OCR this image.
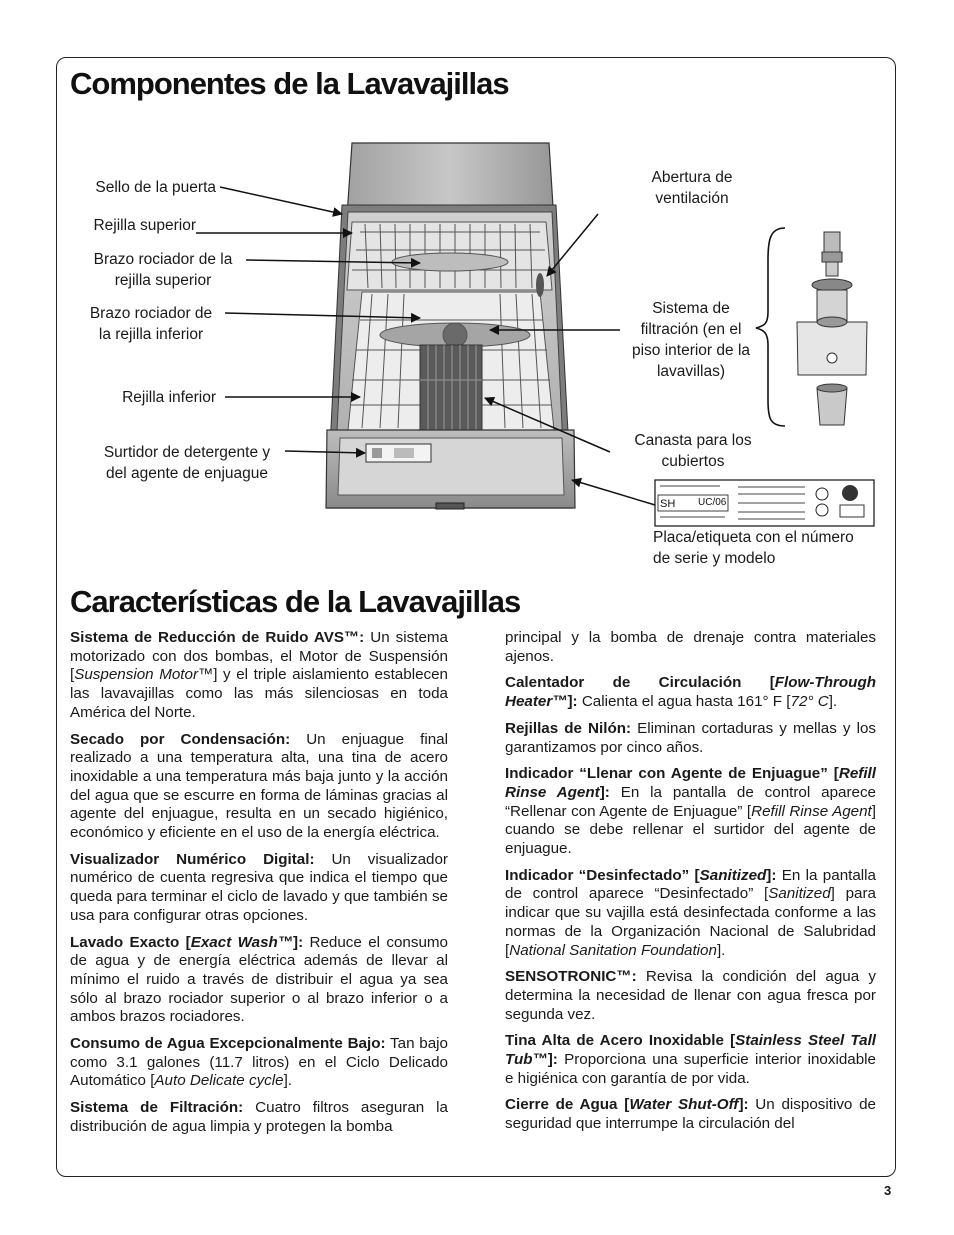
Componentes de la Lavavajillas
SH UC/06
Sello de la puerta
Rejilla superior
Brazo rociador de la
rejilla superior
Brazo rociador de
la rejilla inferior
Rejilla inferior
Surtidor de detergente y
del agente de enjuague
Abertura de
ventilación
Sistema de
filtración (en el
piso interior de la
lavavillas)
Canasta para los
cubiertos
Placa/etiqueta con el número
de serie y modelo
Características de la Lavavajillas

Sistema de Reducción de Ruido AVS™: Un sistema motorizado con dos bombas, el Motor de Suspensión [Suspension Motor™] y el triple aislamiento establecen las lavavajillas como las más silenciosas en toda América del Norte.

Secado por Condensación: Un enjuague final realizado a una temperatura alta, una tina de acero inoxidable a una temperatura más baja junto y la acción del agua que se escurre en forma de láminas gracias al agente del enjuague, resulta en un secado higiénico, económico y eficiente en el uso de la energía eléctrica.

Visualizador Numérico Digital: Un visualizador numérico de cuenta regresiva que indica el tiempo que queda para terminar el ciclo de lavado y que también se usa para configurar otras opciones.

Lavado Exacto [Exact Wash™]: Reduce el consumo de agua y de energía eléctrica además de llevar al mínimo el ruido a través de distribuir el agua ya sea sólo al brazo rociador superior o al brazo inferior o a ambos brazos rociadores.

Consumo de Agua Excepcionalmente Bajo: Tan bajo como 3.1 galones (11.7 litros) en el Ciclo Delicado Automático [Auto Delicate cycle].

Sistema de Filtración: Cuatro filtros aseguran la distribución de agua limpia y protegen la bomba

principal y la bomba de drenaje contra materiales ajenos.

Calentador de Circulación [Flow-Through Heater™]: Calienta el agua hasta 161° F [72° C].

Rejillas de Nilón: Eliminan cortaduras y mellas y los garantizamos por cinco años.

Indicador “Llenar con Agente de Enjuague” [Refill Rinse Agent]: En la pantalla de control aparece “Rellenar con Agente de Enjuague” [Refill Rinse Agent] cuando se debe rellenar el surtidor del agente de enjuague.

Indicador “Desinfectado” [Sanitized]: En la pantalla de control aparece “Desinfectado” [Sanitized] para indicar que su vajilla está desinfectada conforme a las normas de la Organización Nacional de Salubridad [National Sanitation Foundation].

SENSOTRONIC™: Revisa la condición del agua y determina la necesidad de llenar con agua fresca por segunda vez.

Tina Alta de Acero Inoxidable [Stainless Steel Tall Tub™]: Proporciona una superficie interior inoxidable e higiénica con garantía de por vida.

Cierre de Agua [Water Shut-Off]: Un dispositivo de seguridad que interrumpe la circulación del

3
